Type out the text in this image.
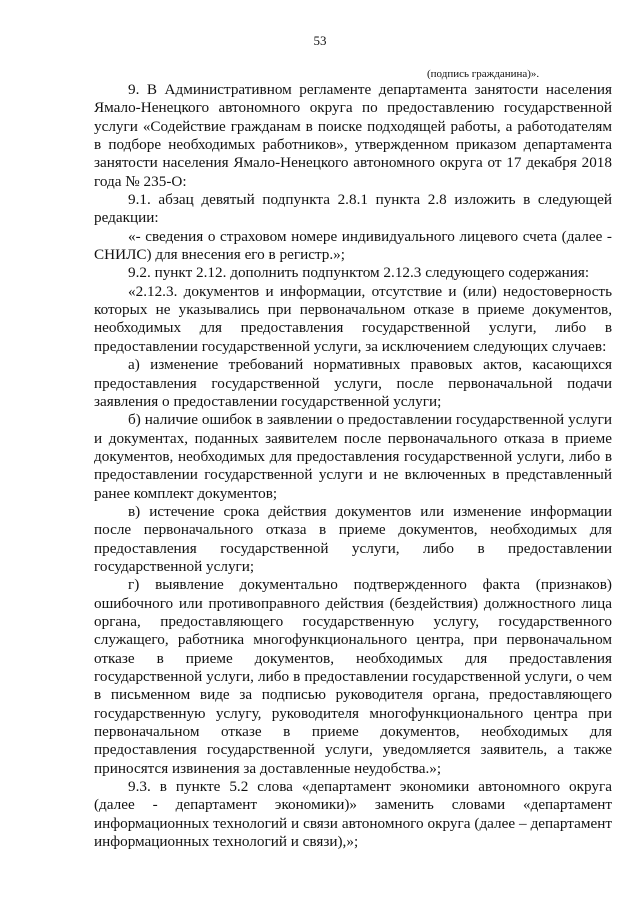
53
(подпись гражданина)».

9. В Административном регламенте департамента занятости населения Ямало-Ненецкого автономного округа по предоставлению государственной услуги «Содействие гражданам в поиске подходящей работы, а работодателям в подборе необходимых работников», утвержденном приказом департамента занятости населения Ямало-Ненецкого автономного округа от 17 декабря 2018 года № 235-О:

9.1. абзац девятый подпункта 2.8.1 пункта 2.8 изложить в следующей редакции:

«- сведения о страховом номере индивидуального лицевого счета (далее - СНИЛС) для внесения его в регистр.»;

9.2. пункт 2.12. дополнить подпунктом 2.12.3 следующего содержания:

«2.12.3. документов и информации, отсутствие и (или) недостоверность которых не указывались при первоначальном отказе в приеме документов, необходимых для предоставления государственной услуги, либо в предоставлении государственной услуги, за исключением следующих случаев:

а) изменение требований нормативных правовых актов, касающихся предоставления государственной услуги, после первоначальной подачи заявления о предоставлении государственной услуги;

б) наличие ошибок в заявлении о предоставлении государственной услуги и документах, поданных заявителем после первоначального отказа в приеме документов, необходимых для предоставления государственной услуги, либо в предоставлении государственной услуги и не включенных в представленный ранее комплект документов;

в) истечение срока действия документов или изменение информации после первоначального отказа в приеме документов, необходимых для предоставления государственной услуги, либо в предоставлении государственной услуги;

г) выявление документально подтвержденного факта (признаков) ошибочного или противоправного действия (бездействия) должностного лица органа, предоставляющего государственную услугу, государственного служащего, работника многофункционального центра, при первоначальном отказе в приеме документов, необходимых для предоставления государственной услуги, либо в предоставлении государственной услуги, о чем в письменном виде за подписью руководителя органа, предоставляющего государственную услугу, руководителя многофункционального центра при первоначальном отказе в приеме документов, необходимых для предоставления государственной услуги, уведомляется заявитель, а также приносятся извинения за доставленные неудобства.»;

9.3. в пункте 5.2 слова «департамент экономики автономного округа (далее - департамент экономики)» заменить словами «департамент информационных технологий и связи автономного округа (далее – департамент информационных технологий и связи),»;
